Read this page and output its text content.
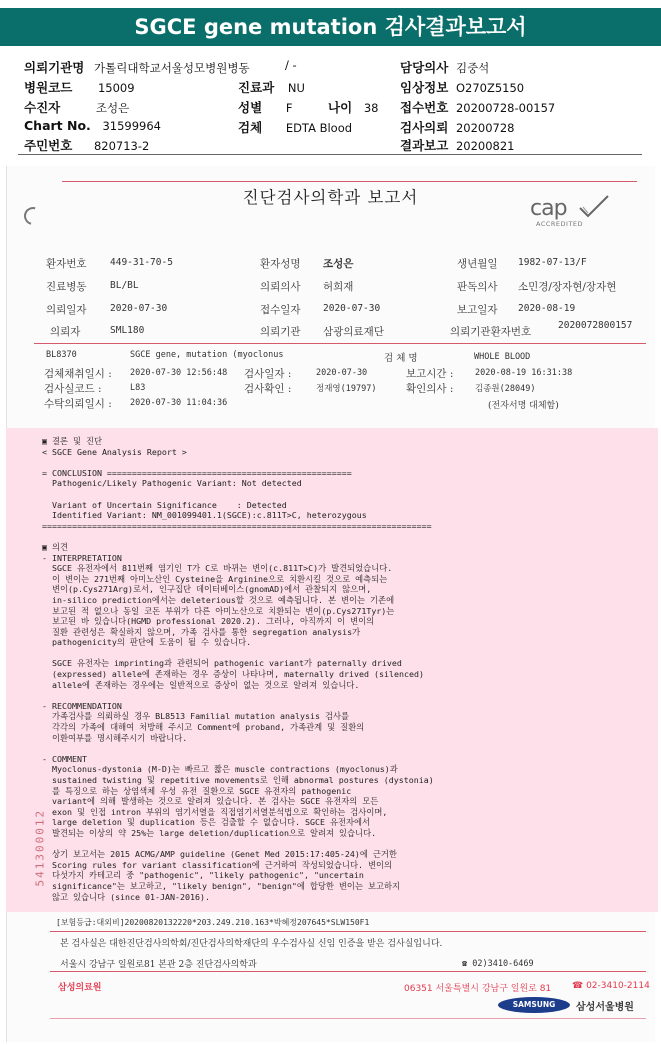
SGCE gene mutation 검사결과보고서
의뢰기관명 가톨릭대학교서울성모병원병동	/ -	담당의사 김중석
병원코드 15009	진료과 NU	임상정보 O270Z5150
수진자	조성은	성별 F	나이 38 접수번호 20200728-00157
Chart No. 31599964	검체 EDTA Blood	검사의뢰 20200728
주민번호 820713-2	결과보고 20200821
진단검사의학과 보고서	cap
ACCREDITED
환자번호 449-31-70-5	환자성명 조성은	생년월일 1982-07-13/F
진료병동 BL/BL	의뢰의사 허희재	판독의사 소민경/장자현/장자현
의뢰일자 2020-07-30	접수일자 2020-07-30	보고일자 2020-08-19
의뢰자	SML180	의뢰기관 삼광의료재단	의뢰기관환자번호
2020072800157
BL8370	SGCE gene, mutation (myoclonus	검 체 명	WHOLE BLOOD
검체채취일시 : 2020-07-30 12:56:48 검사일자 :	2020-07-30	보고시간 :	2020-08-19 16:31:38
검사실코드 :	L83	검사확인 :	정재영(19797)	확인의사 :	김종원(28049)
수탁의뢰일시 : 2020-07-30 11:04:36	(전자서명 대체함)
▣ 결론 및 진단
< SGCE Gene Analysis Report >

= CONCLUSION =================================================
Pathogenic/Likely Pathogenic Variant: Not detected

Variant of Uncertain Significance    : Detected
Identified Variant: NM_001099401.1(SGCE):c.811T>C, heterozygous
==============================================================================

▣ 의견
- INTERPRETATION
SGCE 유전자에서 811번째 염기인 T가 C로 바뀌는 변이(c.811T>C)가 발견되었습니다.
이 변이는 271번째 아미노산인 Cysteine을 Arginine으로 치환시킬 것으로 예측되는
변이(p.Cys271Arg)로서, 인구집단 데이터베이스(gnomAD)에서 관찰되지 않으며,
in-silico prediction에서는 deleterious할 것으로 예측됩니다. 본 변이는 기존에
보고된 적 없으나 동일 코돈 부위가 다른 아미노산으로 치환되는 변이(p.Cys271Tyr)는
보고된 바 있습니다(HGMD professional 2020.2). 그러나, 아직까지 이 변이의
질환 관련성은 확실하지 않으며, 가족 검사를 통한 segregation analysis가
pathogenicity의 판단에 도움이 될 수 있습니다.

SGCE 유전자는 imprinting과 관련되어 pathogenic variant가 paternally drived
(expressed) allele에 존재하는 경우 증상이 나타나며, maternally drived (silenced)
allele에 존재하는 경우에는 일반적으로 증상이 없는 것으로 알려져 있습니다.

- RECOMMENDATION
가족검사를 의뢰하실 경우 BL8513 Familial mutation analysis 검사를
각각의 가족에 대해여 처방해 주시고 Comment에 proband, 가족관계 및 질환의
이환여부를 명시해주시기 바랍니다.

- COMMENT
Myoclonus-dystonia (M-D)는 빠르고 짧은 muscle contractions (myoclonus)과
sustained twisting 및 repetitive movements로 인해 abnormal postures (dystonia)
를 특징으로 하는 상염색체 우성 유전 질환으로 SGCE 유전자의 pathogenic
variant에 의해 발생하는 것으로 알려져 있습니다. 본 검사는 SGCE 유전자의 모든
exon 및 인접 intron 부위의 염기서열을 직접염기서열분석법으로 확인하는 검사이며,
large deletion 및 duplication 등은 검출할 수 없습니다. SGCE 유전자에서
발견되는 이상의 약 25%는 large deletion/duplication으로 알려져 있습니다.

상기 보고서는 2015 ACMG/AMP guideline (Genet Med 2015:17:405-24)에 근거한
Scoring rules for variant classification에 근거하여 작성되었습니다. 변이의
다섯가지 카테고리 중 "pathogenic", "likely pathogenic", "uncertain
significance"는 보고하고, "likely benign", "benign"에 합당한 변이는 보고하지
않고 있습니다 (since 01-JAN-2016).
541300012
[보험등급:대외비]20200820132220*203.249.210.163*박혜정207645*SLW150F1
본 검사실은 대한진단검사의학회/진단검사의학재단의 우수검사실 신임 인증을 받은 검사실입니다.
서울시 강남구 일원로81 본관 2층 진단검사의학과	☎ 02)3410-6469
삼성의료원	06351 서울특별시 강남구 일원로 81 ☎ 02-3410-2114
SAMSUNG	삼성서울병원
